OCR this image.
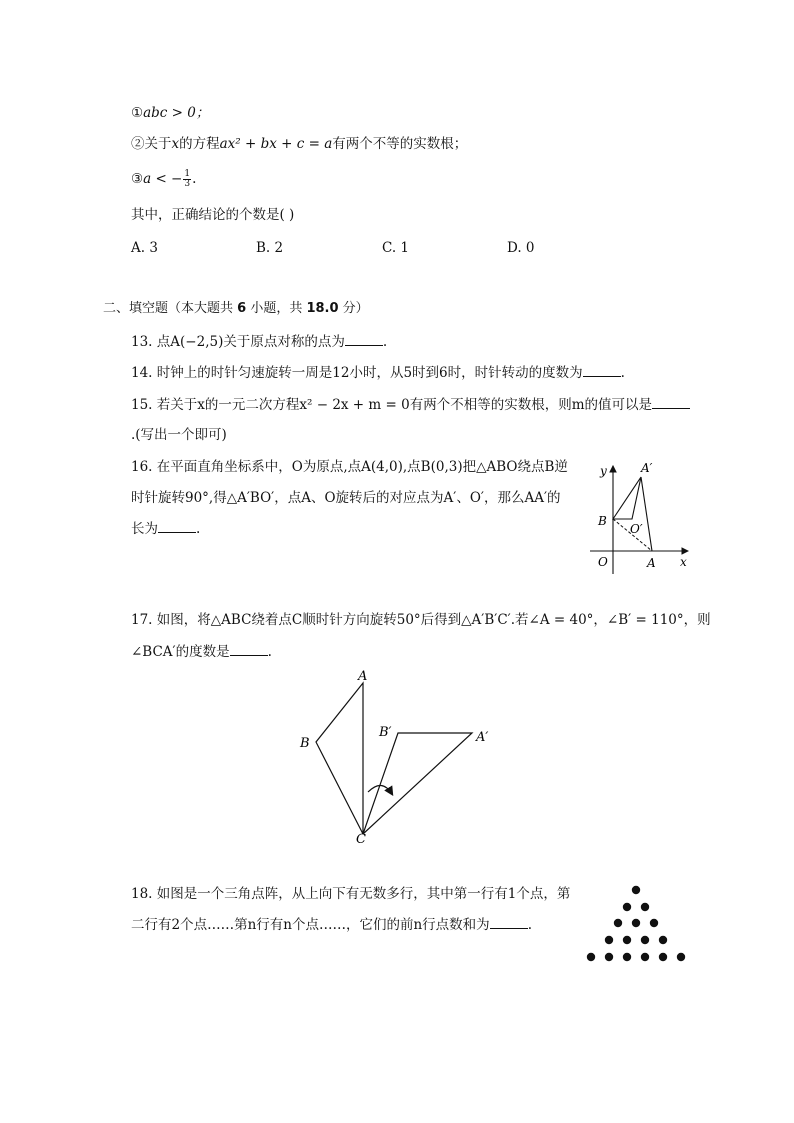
①abc > 0；
②关于x的方程ax² + bx + c = a有两个不等的实数根；
③a < − $\frac{1}{3}$ .
其中，正确结论的个数是( )
A. 3	B. 2	C. 1	D. 0
二、填空题（本大题共 6 小题，共 18.0 分）
13. 点A(−2,5)关于原点对称的点为	.
14. 时钟上的时针匀速旋转一周是12小时，从5时到6时，时针转动的度数为	.
15. 若关于x的一元二次方程x² − 2x + m = 0有两个不相等的实数根，则m的值可以是
.(写出一个即可)
16. 在平面直角坐标系中，O为原点,点A(4,0),点B(0,3)把△ABO绕点B逆
时针旋转90°,得△A′BO′，点A、O旋转后的对应点为A′、O′，那么AA′的
长为	.
y	A′
B
O′
O	A x
17. 如图，将△ABC绕着点C顺时针方向旋转50°后得到△A′B′C′.若∠A = 40°，∠B′ = 110°，则
∠BCA′的度数是	.
A
B
B′	A′
C
18. 如图是一个三角点阵，从上向下有无数多行，其中第一行有1个点，第
二行有2个点……第n行有n个点……，它们的前n行点数和为	.
